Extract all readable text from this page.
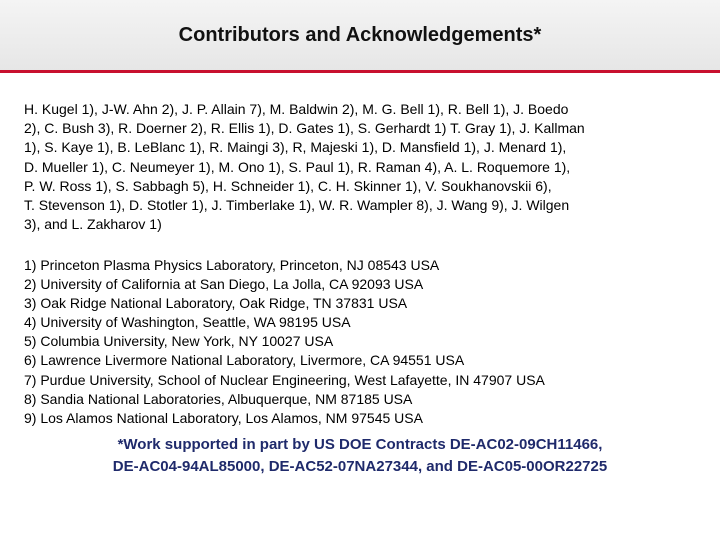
Contributors and Acknowledgements*
H. Kugel 1), J-W. Ahn 2), J. P. Allain 7), M. Baldwin 2), M. G. Bell 1), R. Bell 1), J. Boedo
2), C. Bush 3), R. Doerner 2), R. Ellis 1), D. Gates 1), S. Gerhardt 1) T. Gray 1), J. Kallman
1), S. Kaye 1), B. LeBlanc 1), R. Maingi 3), R, Majeski 1), D. Mansfield 1), J. Menard 1),
D. Mueller 1), C. Neumeyer 1), M. Ono 1), S. Paul 1), R. Raman 4), A. L. Roquemore 1),
P. W. Ross 1), S. Sabbagh 5), H. Schneider 1), C. H. Skinner 1), V. Soukhanovskii 6),
T. Stevenson 1), D. Stotler 1), J. Timberlake 1), W. R. Wampler 8), J. Wang 9), J. Wilgen
3), and L. Zakharov 1)
1) Princeton Plasma Physics Laboratory, Princeton, NJ 08543 USA
2) University of California at San Diego, La Jolla, CA 92093 USA
3) Oak Ridge National Laboratory, Oak Ridge, TN 37831 USA
4) University of Washington, Seattle, WA 98195 USA
5) Columbia University, New York, NY 10027 USA
6) Lawrence Livermore National Laboratory, Livermore, CA 94551 USA
7) Purdue University, School of Nuclear Engineering, West Lafayette, IN 47907 USA
8) Sandia National Laboratories, Albuquerque, NM 87185 USA
9) Los Alamos National Laboratory, Los Alamos, NM 97545 USA
*Work supported in part by US DOE Contracts DE-AC02-09CH11466,
DE-AC04-94AL85000, DE-AC52-07NA27344, and DE-AC05-00OR22725
